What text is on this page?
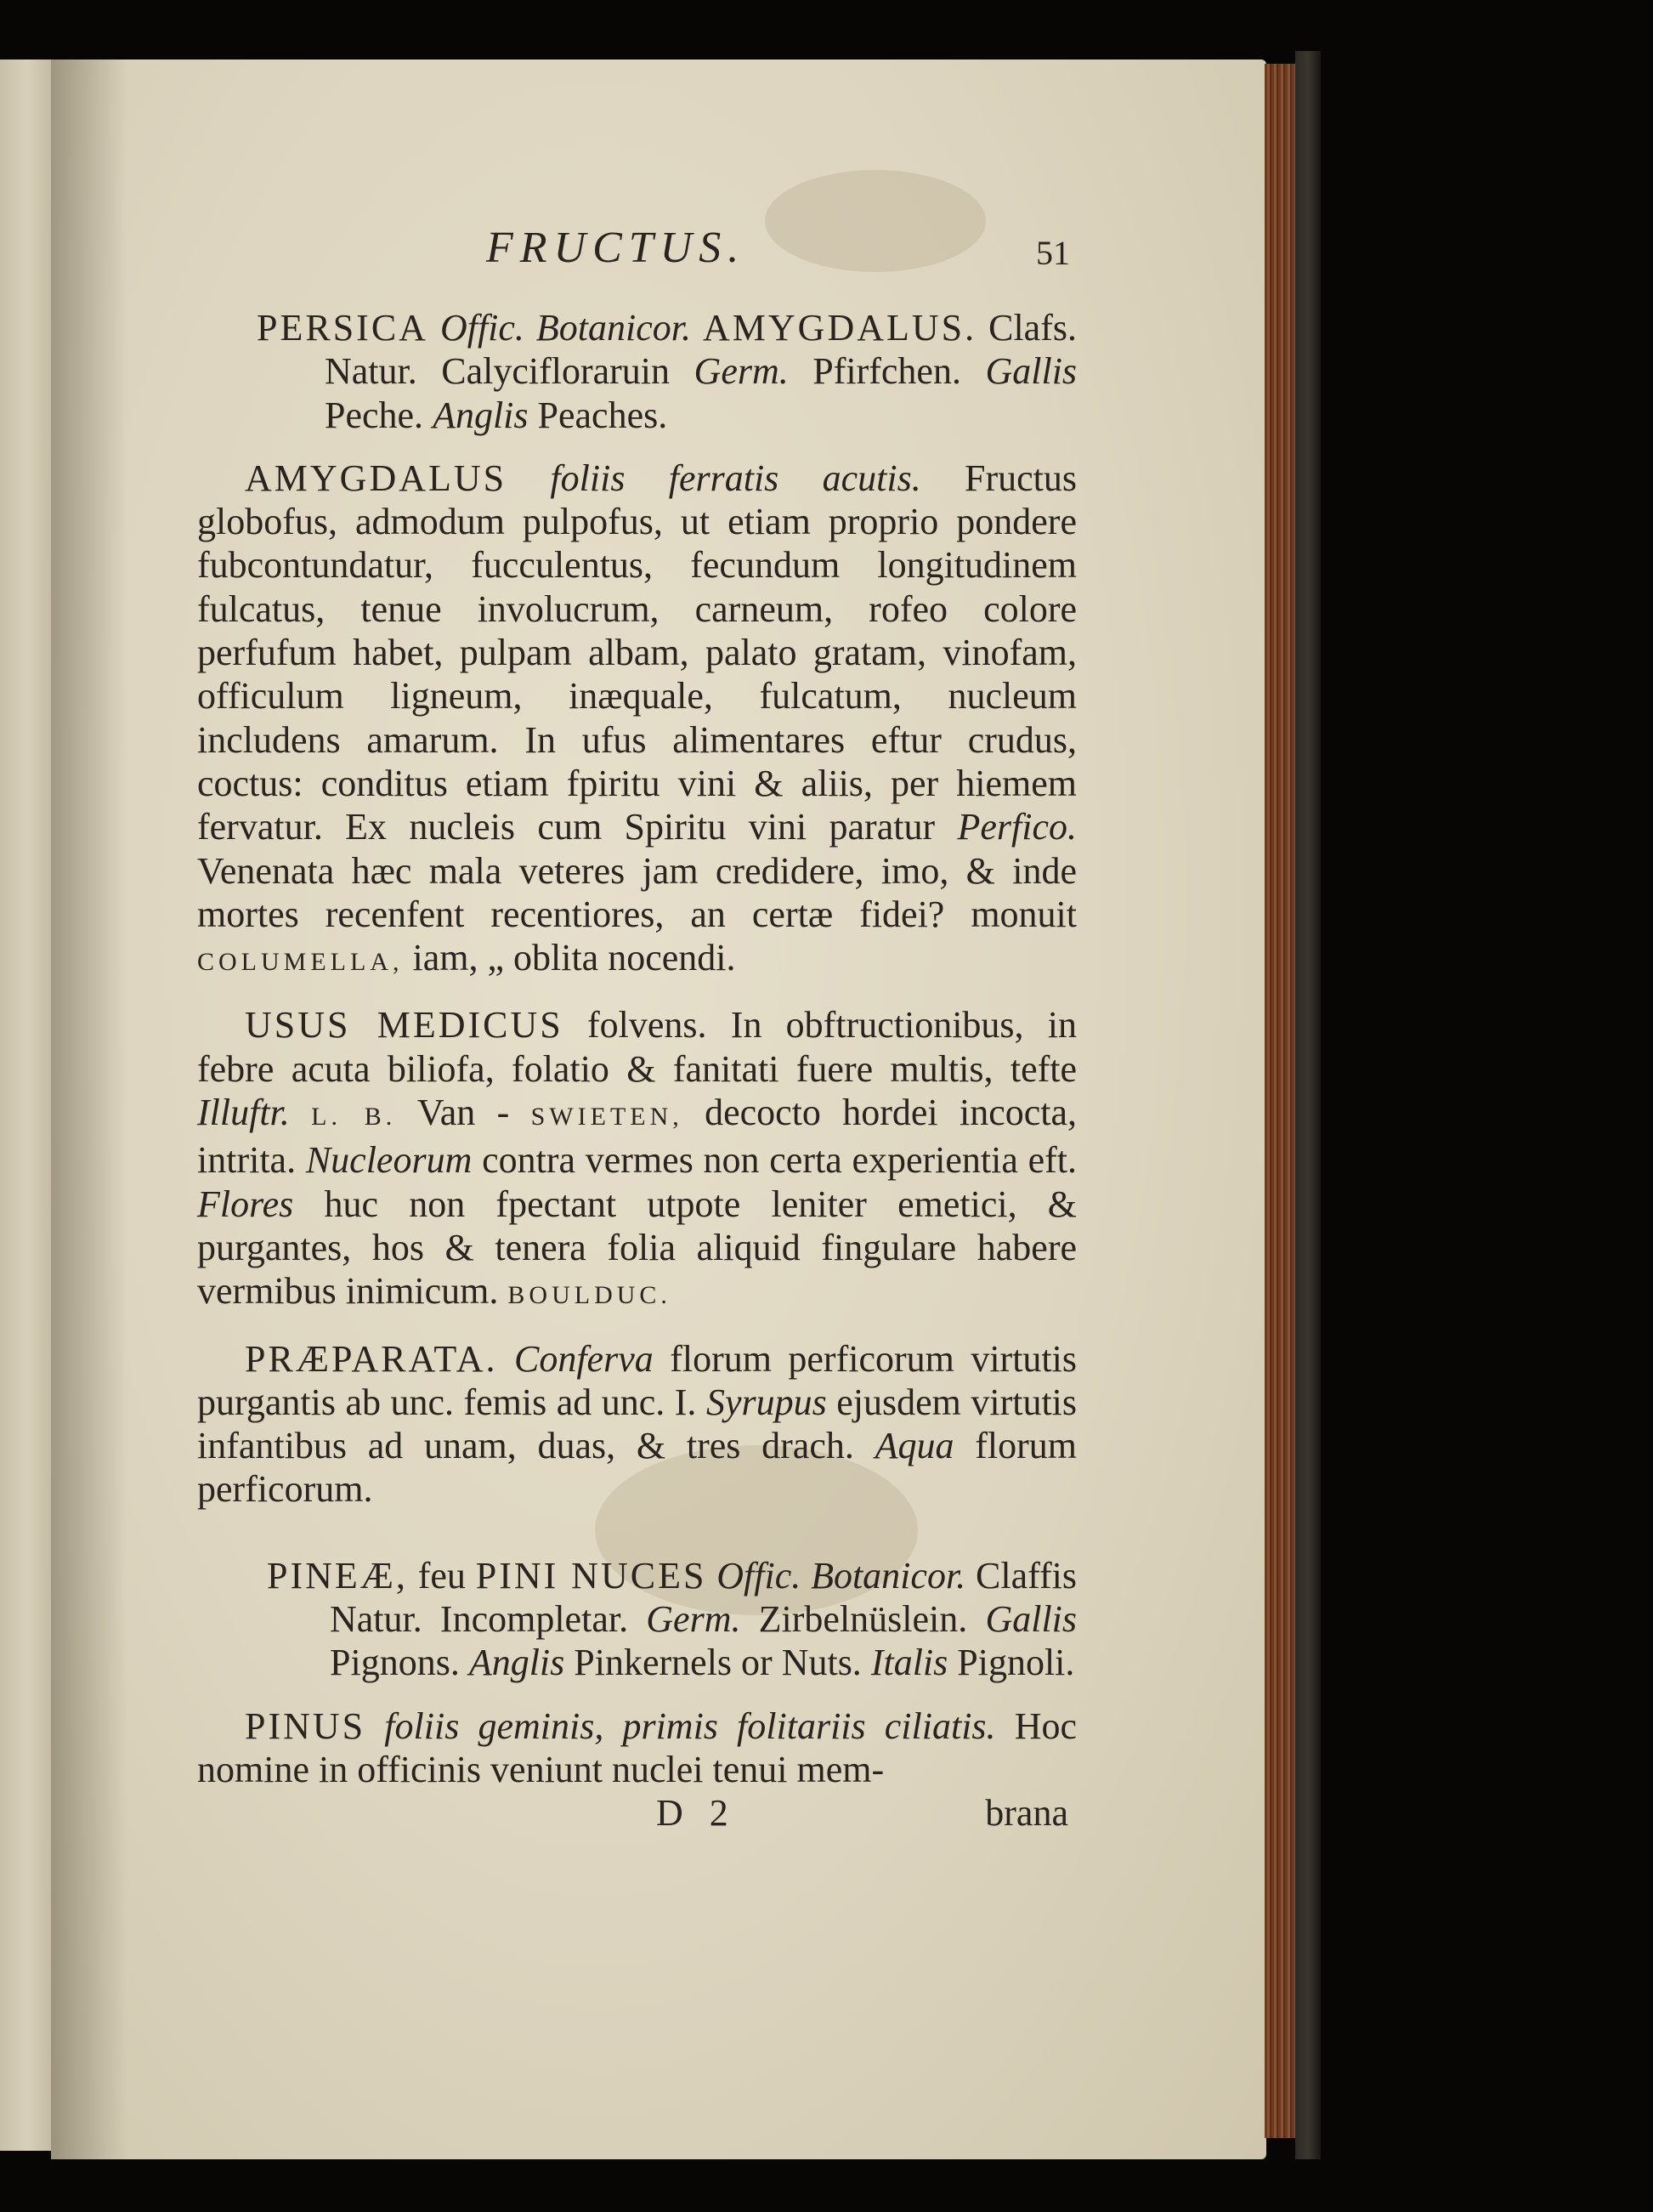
FRUCTUS.	51

PERSICA Offic. Botanicor. AMYGDALUS. Clafs. Natur. Calycifloraruin Germ. Pfirfchen. Gallis Peche. Anglis Peaches.

AMYGDALUS foliis ferratis acutis. Fructus globofus, admodum pulpofus, ut etiam proprio pondere fubcontundatur, fucculentus, fecundum longitudinem fulcatus, tenue involucrum, carneum, rofeo colore perfufum habet, pulpam albam, palato gratam, vinofam, officulum ligneum, inæquale, fulcatum, nucleum includens amarum. In ufus alimentares eftur crudus, coctus: conditus etiam fpiritu vini & aliis, per hiemem fervatur. Ex nucleis cum Spiritu vini paratur Perfico. Venenata hæc mala veteres jam credidere, imo, & inde mortes recenfent recentiores, an certæ fidei? monuit COLUMELLA, iam, „ oblita nocendi.

USUS MEDICUS folvens. In obftructionibus, in febre acuta biliofa, folatio & fanitati fuere multis, tefte Illuftr. L. B. Van - SWIETEN, decocto hordei incocta, intrita. Nucleorum contra vermes non certa experientia eft. Flores huc non fpectant utpote leniter emetici, & purgantes, hos & tenera folia aliquid fingulare habere vermibus inimicum. BOULDUC.

PRÆPARATA. Conferva florum perficorum virtutis purgantis ab unc. femis ad unc. I. Syrupus ejusdem virtutis infantibus ad unam, duas, & tres drach. Aqua florum perficorum.

PINEÆ, feu PINI NUCES Offic. Botanicor. Claffis Natur. Incompletar. Germ. Zirbelnüslein. Gallis Pignons. Anglis Pinkernels or Nuts. Italis Pignoli.

PINUS foliis geminis, primis folitariis ciliatis. Hoc nomine in officinis veniunt nuclei tenui mem-

D 2	brana
